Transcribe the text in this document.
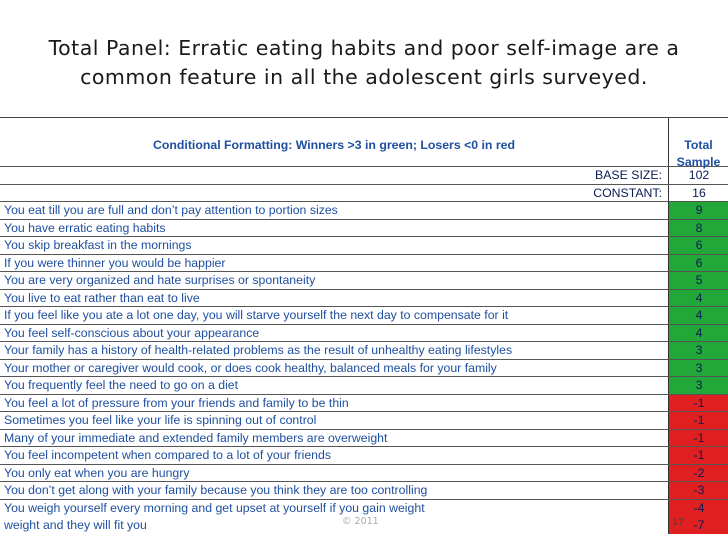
Total Panel: Erratic eating habits and poor self-image are a common feature in all the adolescent girls surveyed.
Conditional Formatting: Winners >3 in green; Losers <0 in red	Total Sample
BASE SIZE:	102
CONSTANT:	16
You eat till you are full and don’t pay attention to portion sizes	9
You have erratic eating habits	8
You skip breakfast in the mornings	6
If you were thinner you would be happier	6
You are very organized and hate surprises or spontaneity	5
You live to eat rather than eat to live	4
If you feel like you ate a lot one day, you will starve yourself the next day to compensate for it	4
You feel self-conscious about your appearance	4
Your family has a history of health-related problems as the result of unhealthy eating lifestyles	3
Your mother or caregiver would cook, or does cook healthy, balanced meals for your family	3
You frequently feel the need to go on a diet	3
You feel a lot of pressure from your friends and family to be thin	-1
Sometimes you feel like your life is spinning out of control	-1
Many of your immediate and extended family members are overweight	-1
You feel incompetent when compared to a lot of your friends	-1
You only eat when you are hungry	-2
You don’t get along with your family because you think they are too controlling	-3
You weigh yourself every morning and get upset at yourself if you gain weight	-4
weight and they will fit you	-7
© 2011	17
